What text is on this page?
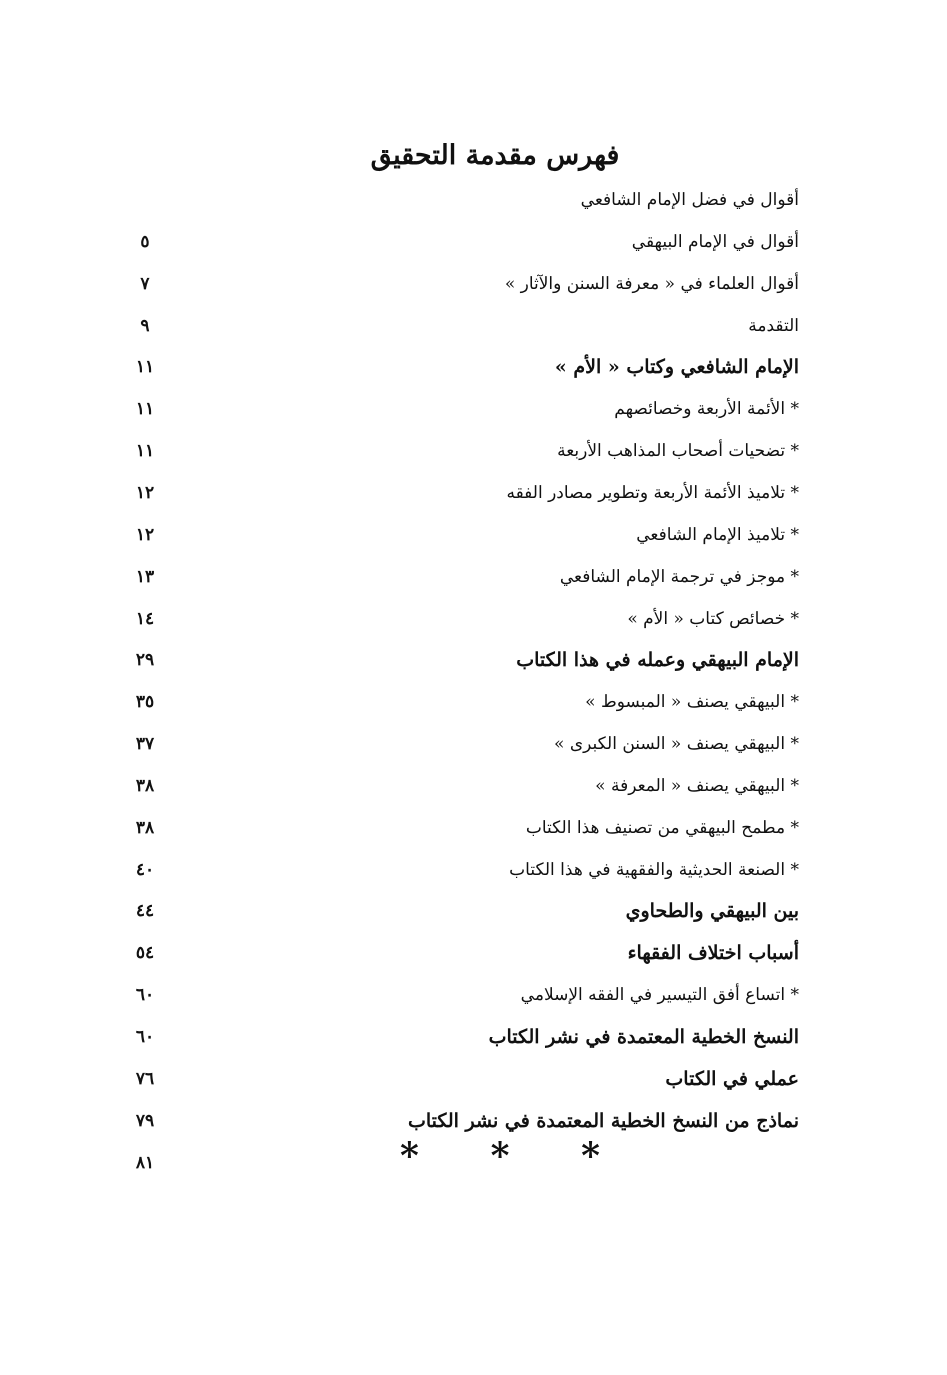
فهرس مقدمة التحقيق
أقوال في فضل الإمام الشافعي
أقوال في الإمام البيهقي
٥
أقوال العلماء في « معرفة السنن والآثار »
٧
التقدمة
٩
الإمام الشافعي وكتاب « الأم »
١١
* الأئمة الأربعة وخصائصهم
١١
* تضحيات أصحاب المذاهب الأربعة
١١
* تلاميذ الأئمة الأربعة وتطوير مصادر الفقه
١٢
* تلاميذ الإمام الشافعي
١٢
* موجز في ترجمة الإمام الشافعي
١٣
* خصائص كتاب « الأم »
١٤
الإمام البيهقي وعمله في هذا الكتاب
٢٩
* البيهقي يصنف « المبسوط »
٣٥
* البيهقي يصنف « السنن الكبرى »
٣٧
* البيهقي يصنف « المعرفة »
٣٨
* مطمح البيهقي من تصنيف هذا الكتاب
٣٨
* الصنعة الحديثية والفقهية في هذا الكتاب
٤٠
بين البيهقي والطحاوي
٤٤
أسباب اختلاف الفقهاء
٥٤
* اتساع أفق التيسير في الفقه الإسلامي
٦٠
النسخ الخطية المعتمدة في نشر الكتاب
٦٠
عملي في الكتاب
٧٦
نماذج من النسخ الخطية المعتمدة في نشر الكتاب
٧٩
٨١	* * *
